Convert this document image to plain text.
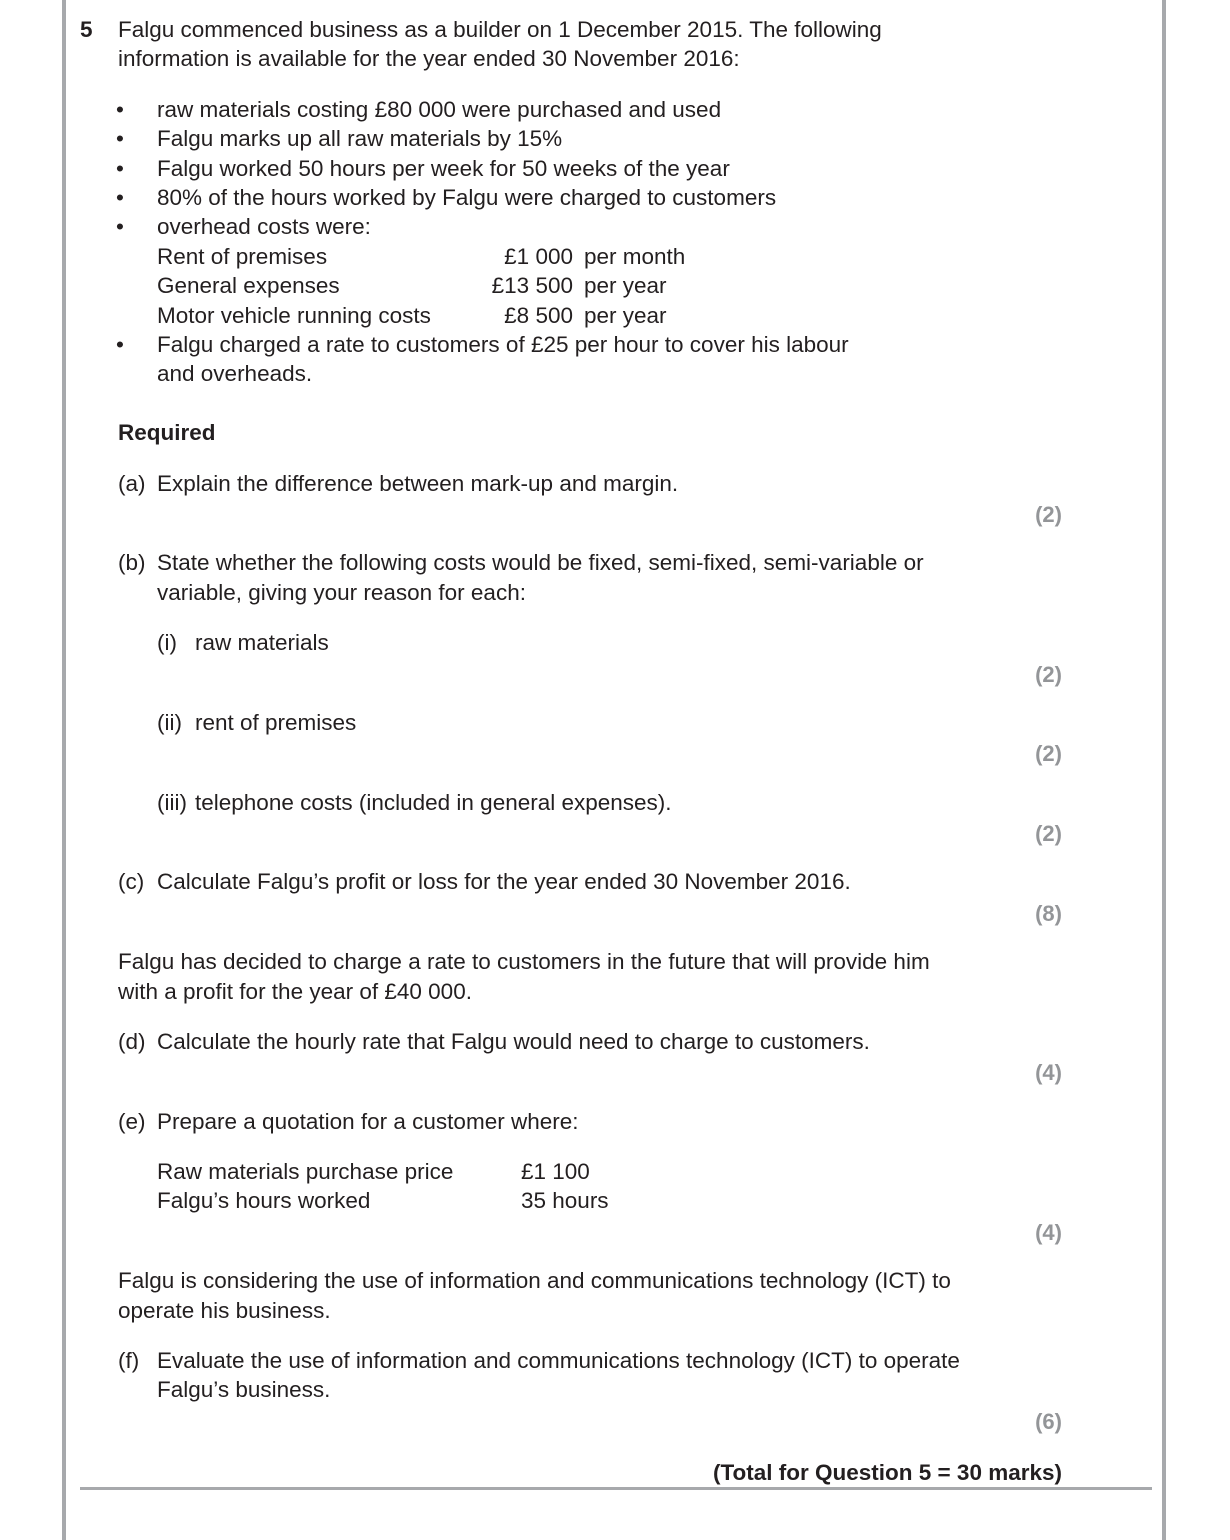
5 Falgu commenced business as a builder on 1 December 2015. The following
information is available for the year ended 30 November 2016:
• raw materials costing £80 000 were purchased and used
• Falgu marks up all raw materials by 15%
• Falgu worked 50 hours per week for 50 weeks of the year
• 80% of the hours worked by Falgu were charged to customers
• overhead costs were:
Rent of premises	£1 000 per month
General expenses	£13 500 per year
Motor vehicle running costs	£8 500 per year
• Falgu charged a rate to customers of £25 per hour to cover his labour
and overheads.
Required
(a) Explain the difference between mark-up and margin.
(2)
(b) State whether the following costs would be fixed, semi-fixed, semi-variable or
variable, giving your reason for each:
(i) raw materials
(2)
(ii) rent of premises
(2)
(iii) telephone costs (included in general expenses).
(2)
(c) Calculate Falgu’s profit or loss for the year ended 30 November 2016.
(8)
Falgu has decided to charge a rate to customers in the future that will provide him
with a profit for the year of £40 000.
(d) Calculate the hourly rate that Falgu would need to charge to customers.
(4)
(e) Prepare a quotation for a customer where:
Raw materials purchase price	£1 100
Falgu’s hours worked	35 hours
(4)
Falgu is considering the use of information and communications technology (ICT) to
operate his business.
(f) Evaluate the use of information and communications technology (ICT) to operate
Falgu’s business.
(6)
(Total for Question 5 = 30 marks)
